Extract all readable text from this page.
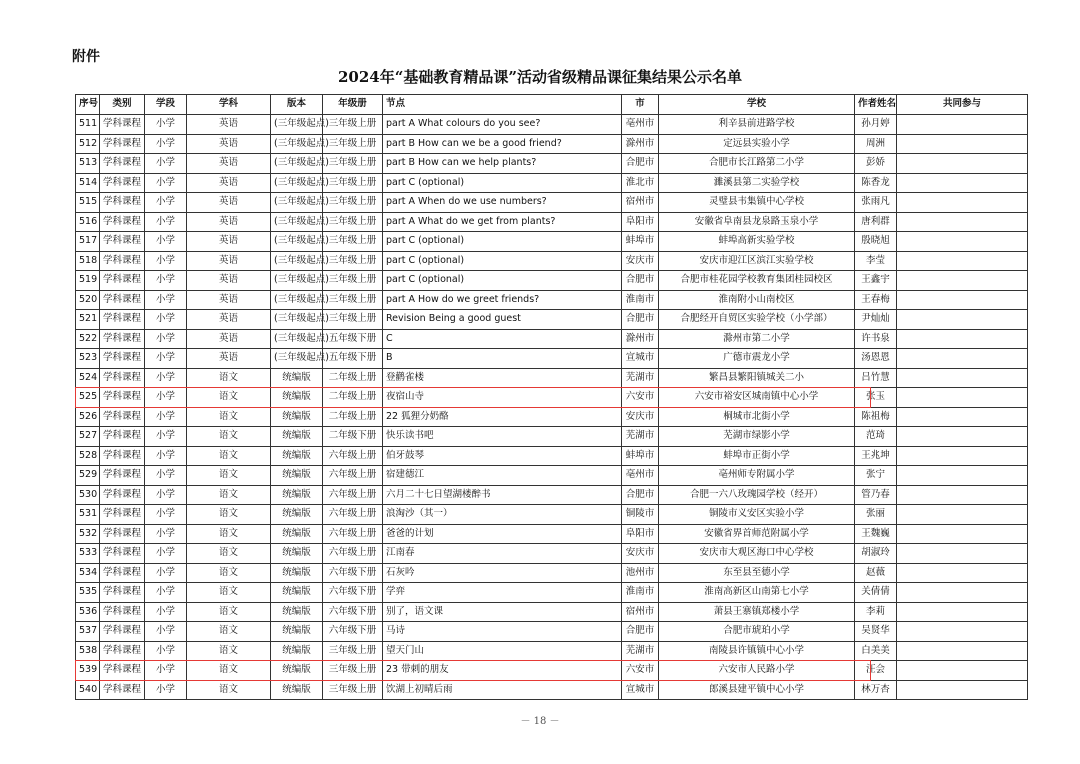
附件
2024年“基础教育精品课”活动省级精品课征集结果公示名单
序号	类别	学段	学科	版本	年级册	节点	市	学校	作者姓名	共同参与
511	学科课程	小学	英语	(三年级起点)	三年级上册	part A What colours do you see?	亳州市	利辛县前进路学校	孙月婷	
512	学科课程	小学	英语	(三年级起点)	三年级上册	part B How can we be a good friend?	滁州市	定远县实验小学	周洲	
513	学科课程	小学	英语	(三年级起点)	三年级上册	part B How can we help plants?	合肥市	合肥市长江路第二小学	彭娇	
514	学科课程	小学	英语	(三年级起点)	三年级上册	part C (optional)	淮北市	濉溪县第二实验学校	陈香龙	
515	学科课程	小学	英语	(三年级起点)	三年级上册	part A When do we use numbers?	宿州市	灵璧县韦集镇中心学校	张雨凡	
516	学科课程	小学	英语	(三年级起点)	三年级上册	part A What do we get from plants?	阜阳市	安徽省阜南县龙泉路玉泉小学	唐利群	
517	学科课程	小学	英语	(三年级起点)	三年级上册	part C (optional)	蚌埠市	蚌埠高新实验学校	殷晓旭	
518	学科课程	小学	英语	(三年级起点)	三年级上册	part C (optional)	安庆市	安庆市迎江区滨江实验学校	李莹	
519	学科课程	小学	英语	(三年级起点)	三年级上册	part C (optional)	合肥市	合肥市桂花园学校教育集团桂园校区	王鑫宇	
520	学科课程	小学	英语	(三年级起点)	三年级上册	part A How do we greet friends?	淮南市	淮南附小山南校区	王春梅	
521	学科课程	小学	英语	(三年级起点)	三年级上册	Revision Being a good guest	合肥市	合肥经开自贸区实验学校（小学部）	尹灿灿	
522	学科课程	小学	英语	(三年级起点)	五年级下册	C	滁州市	滁州市第二小学	许书泉	
523	学科课程	小学	英语	(三年级起点)	五年级下册	B	宣城市	广德市震龙小学	汤恩恩	
524	学科课程	小学	语文	统编版	二年级上册	登鹳雀楼	芜湖市	繁昌县繁阳镇城关二小	吕竹慧	
525	学科课程	小学	语文	统编版	二年级上册	夜宿山寺	六安市	六安市裕安区城南镇中心小学	张玉	
526	学科课程	小学	语文	统编版	二年级上册	22 狐狸分奶酪	安庆市	桐城市北街小学	陈祖梅	
527	学科课程	小学	语文	统编版	二年级下册	快乐读书吧	芜湖市	芜湖市绿影小学	范琦	
528	学科课程	小学	语文	统编版	六年级上册	伯牙鼓琴	蚌埠市	蚌埠市正街小学	王兆坤	
529	学科课程	小学	语文	统编版	六年级上册	宿建德江	亳州市	亳州师专附属小学	张宁	
530	学科课程	小学	语文	统编版	六年级上册	六月二十七日望湖楼醉书	合肥市	合肥一六八玫瑰园学校（经开）	管乃春	
531	学科课程	小学	语文	统编版	六年级上册	浪淘沙（其一）	铜陵市	铜陵市义安区实验小学	张丽	
532	学科课程	小学	语文	统编版	六年级上册	爸爸的计划	阜阳市	安徽省界首师范附属小学	王魏巍	
533	学科课程	小学	语文	统编版	六年级上册	江南春	安庆市	安庆市大观区海口中心学校	胡淑玲	
534	学科课程	小学	语文	统编版	六年级下册	石灰吟	池州市	东至县至德小学	赵薇	
535	学科课程	小学	语文	统编版	六年级下册	学弈	淮南市	淮南高新区山南第七小学	关倩倩	
536	学科课程	小学	语文	统编版	六年级下册	别了，语文课	宿州市	萧县王寨镇郑楼小学	李莉	
537	学科课程	小学	语文	统编版	六年级下册	马诗	合肥市	合肥市琥珀小学	吴贤华	
538	学科课程	小学	语文	统编版	三年级上册	望天门山	芜湖市	南陵县许镇镇中心小学	白美美	
539	学科课程	小学	语文	统编版	三年级上册	23 带刺的朋友	六安市	六安市人民路小学	汪会	
540	学科课程	小学	语文	统编版	三年级上册	饮湖上初晴后雨	宣城市	郎溪县建平镇中心小学	林万杏	
－ 18 －
